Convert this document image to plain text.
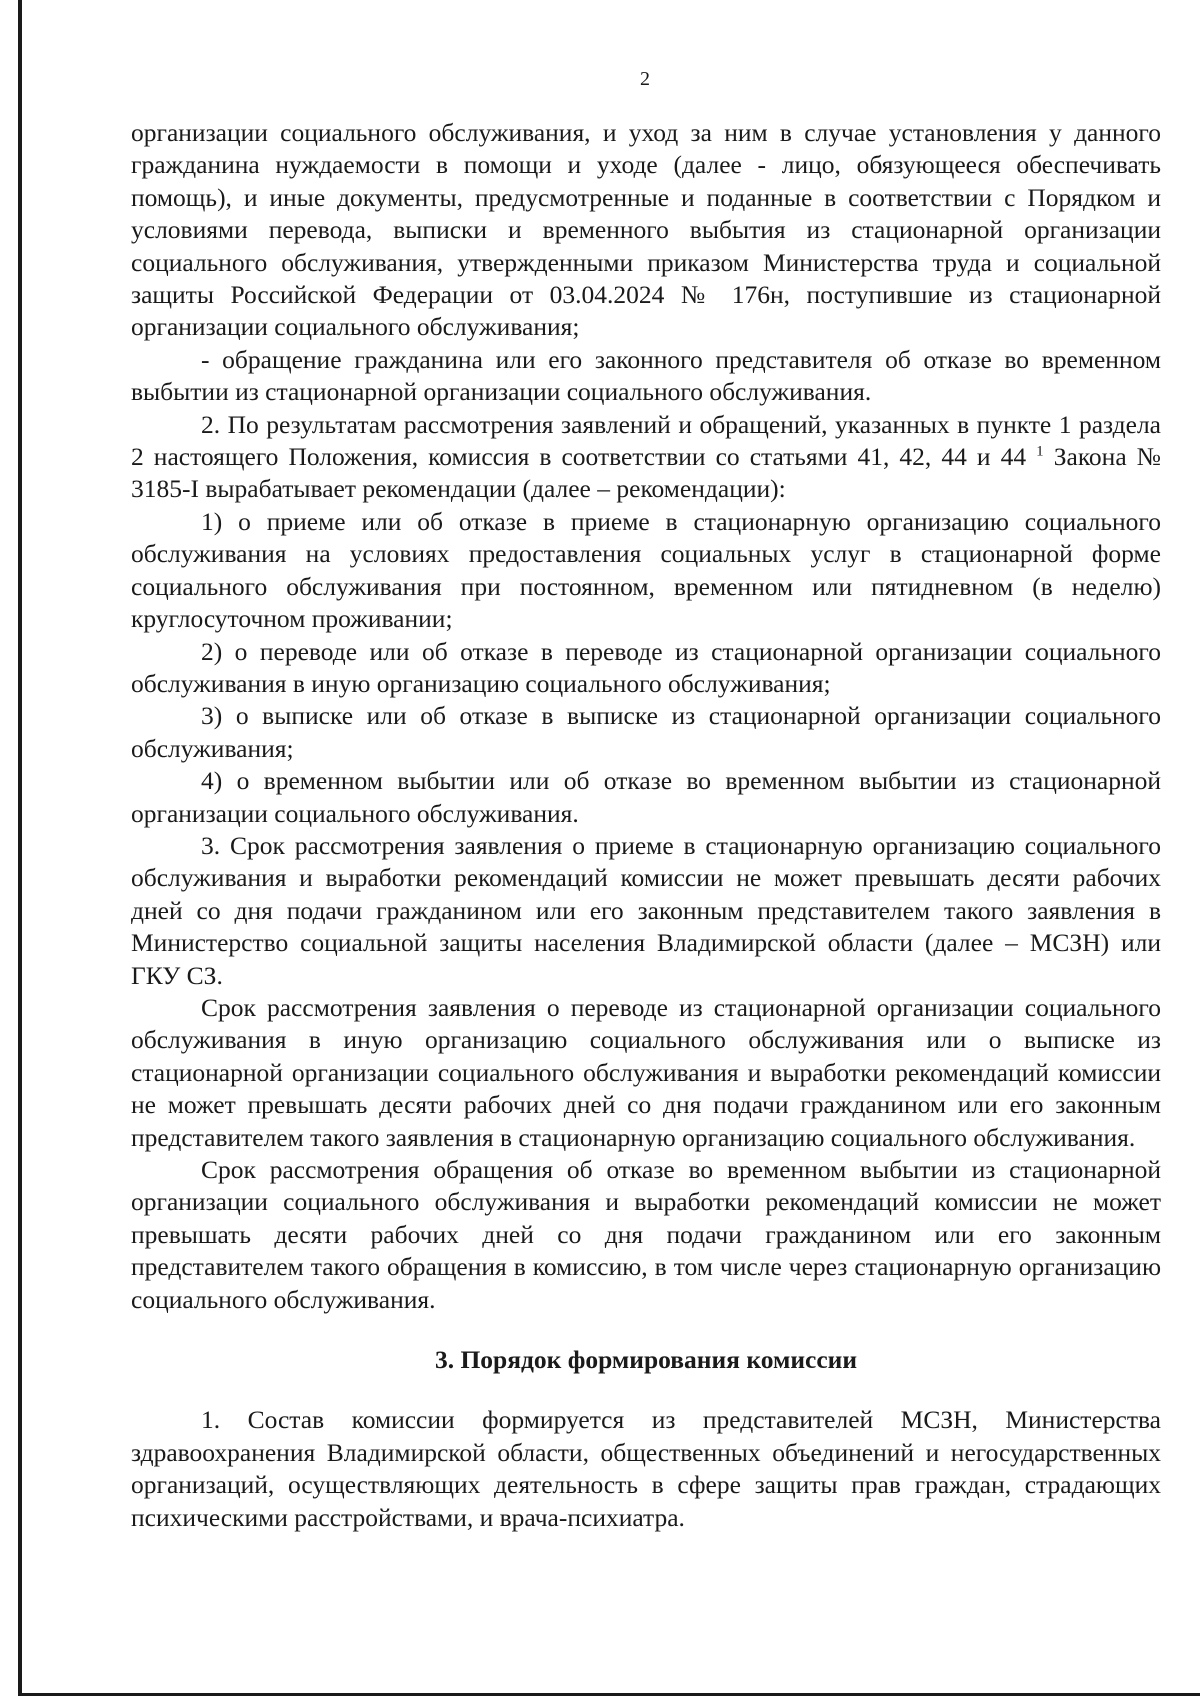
2

организации социального обслуживания, и уход за ним в случае установления у данного гражданина нуждаемости в помощи и уходе (далее - лицо, обязующееся обеспечивать помощь), и иные документы, предусмотренные и поданные в соответствии с Порядком и условиями перевода, выписки и временного выбытия из стационарной организации социального обслуживания, утвержденными приказом Министерства труда и социальной защиты Российской Федерации от 03.04.2024 № 176н, поступившие из стационарной организации социального обслуживания;

- обращение гражданина или его законного представителя об отказе во временном выбытии из стационарной организации социального обслуживания.

2. По результатам рассмотрения заявлений и обращений, указанных в пункте 1 раздела 2 настоящего Положения, комиссия в соответствии со статьями 41, 42, 44 и 44 $^1$ Закона № 3185-I вырабатывает рекомендации (далее – рекомендации):

1) о приеме или об отказе в приеме в стационарную организацию социального обслуживания на условиях предоставления социальных услуг в стационарной форме социального обслуживания при постоянном, временном или пятидневном (в неделю) круглосуточном проживании;

2) о переводе или об отказе в переводе из стационарной организации социального обслуживания в иную организацию социального обслуживания;

3) о выписке или об отказе в выписке из стационарной организации социального обслуживания;

4) о временном выбытии или об отказе во временном выбытии из стационарной организации социального обслуживания.

3. Срок рассмотрения заявления о приеме в стационарную организацию социального обслуживания и выработки рекомендаций комиссии не может превышать десяти рабочих дней со дня подачи гражданином или его законным представителем такого заявления в Министерство социальной защиты населения Владимирской области (далее – МСЗН) или ГКУ СЗ.

Срок рассмотрения заявления о переводе из стационарной организации социального обслуживания в иную организацию социального обслуживания или о выписке из стационарной организации социального обслуживания и выработки рекомендаций комиссии не может превышать десяти рабочих дней со дня подачи гражданином или его законным представителем такого заявления в стационарную организацию социального обслуживания.

Срок рассмотрения обращения об отказе во временном выбытии из стационарной организации социального обслуживания и выработки рекомендаций комиссии не может превышать десяти рабочих дней со дня подачи гражданином или его законным представителем такого обращения в комиссию, в том числе через стационарную организацию социального обслуживания.

3. Порядок формирования комиссии

1. Состав комиссии формируется из представителей МСЗН, Министерства здравоохранения Владимирской области, общественных объединений и негосударственных организаций, осуществляющих деятельность в сфере защиты прав граждан, страдающих психическими расстройствами, и врача-психиатра.
